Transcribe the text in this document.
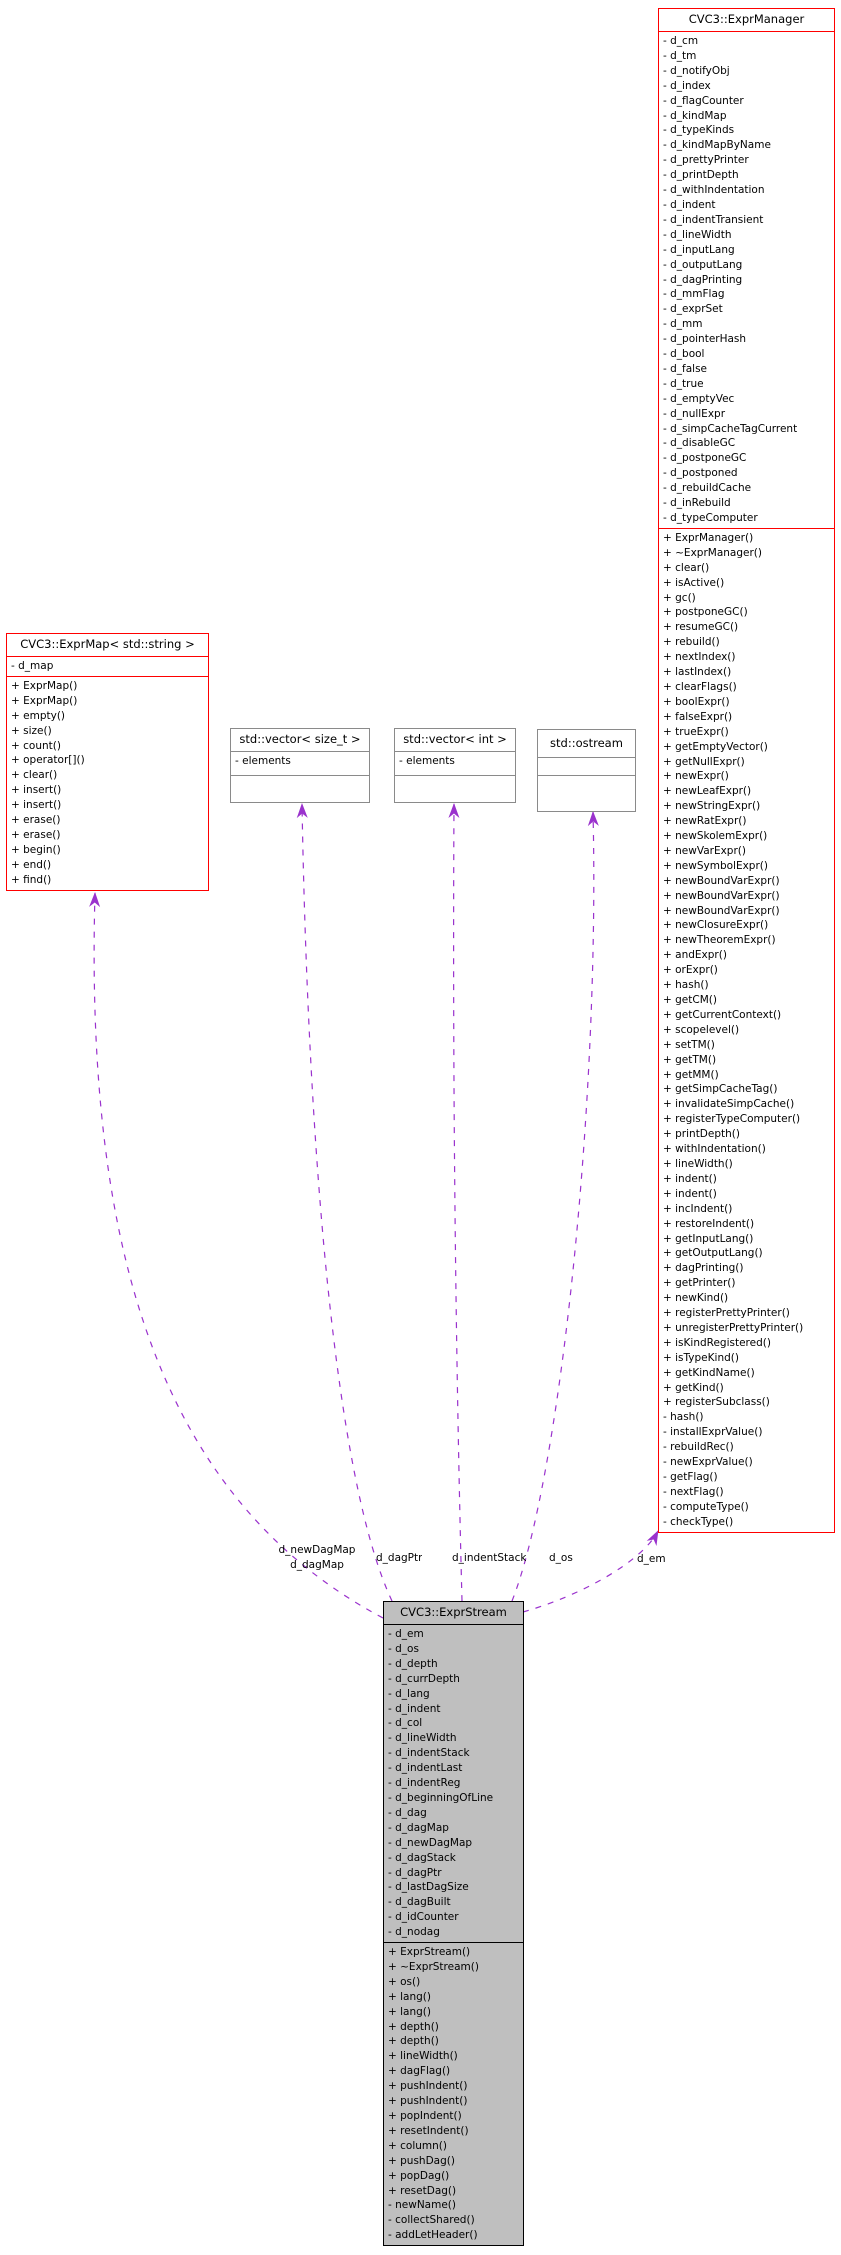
CVC3::ExprManager
- d_cm
- d_tm
- d_notifyObj
- d_index
- d_flagCounter
- d_kindMap
- d_typeKinds
- d_kindMapByName
- d_prettyPrinter
- d_printDepth
- d_withIndentation
- d_indent
- d_indentTransient
- d_lineWidth
- d_inputLang
- d_outputLang
- d_dagPrinting
- d_mmFlag
- d_exprSet
- d_mm
- d_pointerHash
- d_bool
- d_false
- d_true
- d_emptyVec
- d_nullExpr
- d_simpCacheTagCurrent
- d_disableGC
- d_postponeGC
- d_postponed
- d_rebuildCache
- d_inRebuild
- d_typeComputer
+ ExprManager()
+ ~ExprManager()
+ clear()
+ isActive()
+ gc()
+ postponeGC()
+ resumeGC()
+ rebuild()
+ nextIndex()
+ lastIndex()
+ clearFlags()
+ boolExpr()
+ falseExpr()
+ trueExpr()
+ getEmptyVector()
+ getNullExpr()
+ newExpr()
+ newLeafExpr()
+ newStringExpr()
+ newRatExpr()
+ newSkolemExpr()
+ newVarExpr()
+ newSymbolExpr()
+ newBoundVarExpr()
+ newBoundVarExpr()
+ newBoundVarExpr()
+ newClosureExpr()
+ newTheoremExpr()
+ andExpr()
+ orExpr()
+ hash()
+ getCM()
+ getCurrentContext()
+ scopelevel()
+ setTM()
+ getTM()
+ getMM()
+ getSimpCacheTag()
+ invalidateSimpCache()
+ registerTypeComputer()
+ printDepth()
+ withIndentation()
+ lineWidth()
+ indent()
+ indent()
+ incIndent()
+ restoreIndent()
+ getInputLang()
+ getOutputLang()
+ dagPrinting()
+ getPrinter()
+ newKind()
+ registerPrettyPrinter()
+ unregisterPrettyPrinter()
+ isKindRegistered()
+ isTypeKind()
+ getKindName()
+ getKind()
+ registerSubclass()
- hash()
- installExprValue()
- rebuildRec()
- newExprValue()
- getFlag()
- nextFlag()
- computeType()
- checkType()
CVC3::ExprMap< std::string >
- d_map
+ ExprMap()
+ ExprMap()
+ empty()
+ size()
+ count()
+ operator[]()
+ clear()
+ insert()
+ insert()
+ erase()
+ erase()
+ begin()
+ end()
+ find()
std::vector< size_t >
- elements
std::vector< int >
- elements
std::ostream
CVC3::ExprStream
- d_em
- d_os
- d_depth
- d_currDepth
- d_lang
- d_indent
- d_col
- d_lineWidth
- d_indentStack
- d_indentLast
- d_indentReg
- d_beginningOfLine
- d_dag
- d_dagMap
- d_newDagMap
- d_dagStack
- d_dagPtr
- d_lastDagSize
- d_dagBuilt
- d_idCounter
- d_nodag
+ ExprStream()
+ ~ExprStream()
+ os()
+ lang()
+ lang()
+ depth()
+ depth()
+ lineWidth()
+ dagFlag()
+ pushIndent()
+ pushIndent()
+ popIndent()
+ resetIndent()
+ column()
+ pushDag()
+ popDag()
+ resetDag()
- newName()
- collectShared()
- addLetHeader()
d_newDagMap
d_dagMap
d_dagPtr	d_indentStack d_os	d_em
